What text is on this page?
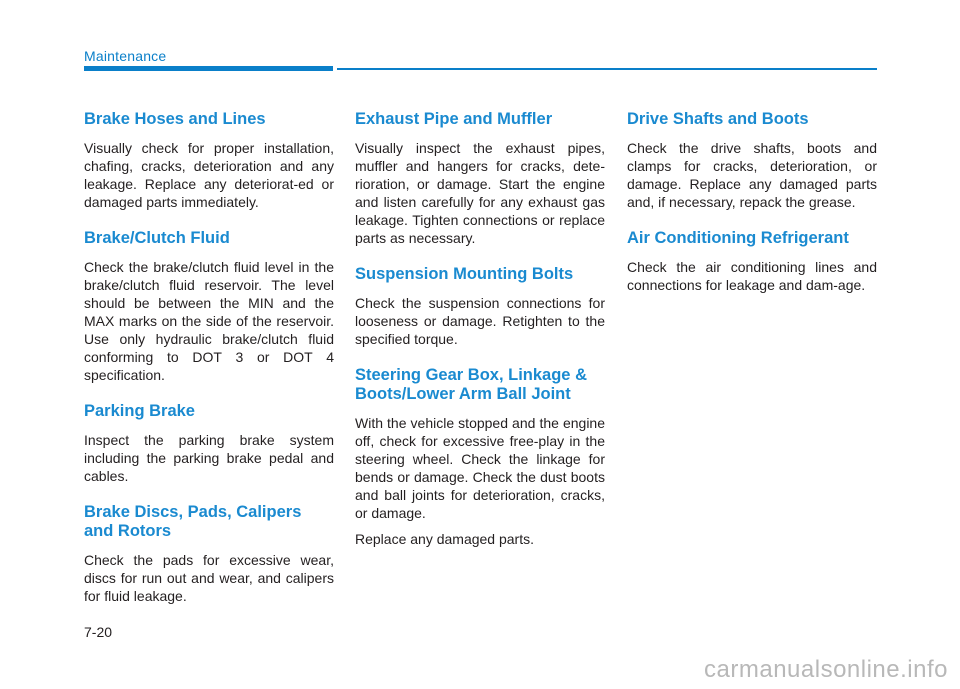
Maintenance
Brake Hoses and Lines

Visually check for proper installation, chafing, cracks, deterioration and any leakage. Replace any deteriorat-ed or damaged parts immediately.

Brake/Clutch Fluid

Check the brake/clutch fluid level in the brake/clutch fluid reservoir. The level should be between the MIN and the MAX marks on the side of the reservoir. Use only hydraulic brake/clutch fluid conforming to DOT 3 or DOT 4 specification.

Parking Brake

Inspect the parking brake system including the parking brake pedal and cables.

Brake Discs, Pads, Calipers and Rotors

Check the pads for excessive wear, discs for run out and wear, and calipers for fluid leakage.

Exhaust Pipe and Muffler

Visually inspect the exhaust pipes, muffler and hangers for cracks, dete-rioration, or damage. Start the engine and listen carefully for any exhaust gas leakage. Tighten connections or replace parts as necessary.

Suspension Mounting Bolts

Check the suspension connections for looseness or damage. Retighten to the specified torque.

Steering Gear Box, Linkage & Boots/Lower Arm Ball Joint

With the vehicle stopped and the engine off, check for excessive free-play in the steering wheel. Check the linkage for bends or damage. Check the dust boots and ball joints for deterioration, cracks, or damage.

Replace any damaged parts.

Drive Shafts and Boots

Check the drive shafts, boots and clamps for cracks, deterioration, or damage. Replace any damaged parts and, if necessary, repack the grease.

Air Conditioning Refrigerant

Check the air conditioning lines and connections for leakage and dam-age.

7-20
carmanualsonline.info
